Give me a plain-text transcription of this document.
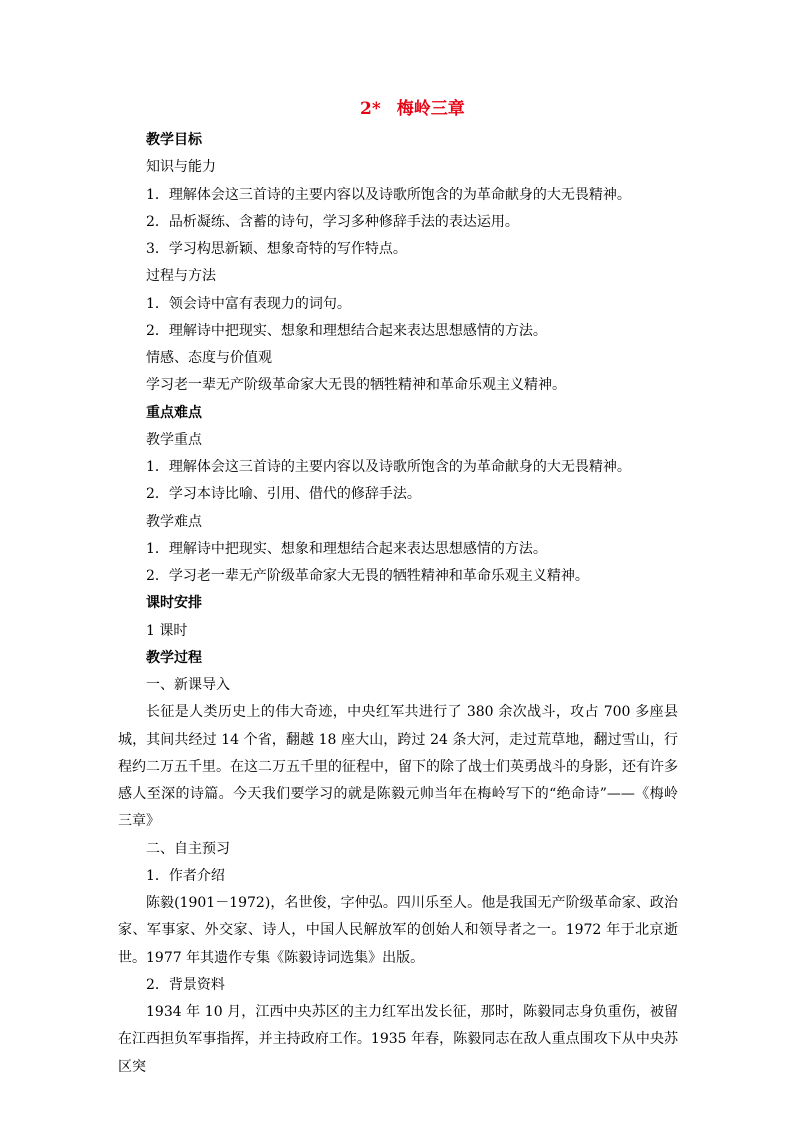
2* 梅岭三章
教学目标
知识与能力
1．理解体会这三首诗的主要内容以及诗歌所饱含的为革命献身的大无畏精神。
2．品析凝练、含蓄的诗句，学习多种修辞手法的表达运用。
3．学习构思新颖、想象奇特的写作特点。
过程与方法
1．领会诗中富有表现力的词句。
2．理解诗中把现实、想象和理想结合起来表达思想感情的方法。
情感、态度与价值观
学习老一辈无产阶级革命家大无畏的牺牲精神和革命乐观主义精神。
重点难点
教学重点
1．理解体会这三首诗的主要内容以及诗歌所饱含的为革命献身的大无畏精神。
2．学习本诗比喻、引用、借代的修辞手法。
教学难点
1．理解诗中把现实、想象和理想结合起来表达思想感情的方法。
2．学习老一辈无产阶级革命家大无畏的牺牲精神和革命乐观主义精神。
课时安排
1 课时
教学过程
一、新课导入

长征是人类历史上的伟大奇迹，中央红军共进行了 380 余次战斗，攻占 700 多座县城，其间共经过 14 个省，翻越 18 座大山，跨过 24 条大河，走过荒草地，翻过雪山，行程约二万五千里。在这二万五千里的征程中，留下的除了战士们英勇战斗的身影，还有许多感人至深的诗篇。今天我们要学习的就是陈毅元帅当年在梅岭写下的“绝命诗”——《梅岭三章》

二、自主预习
1．作者介绍

陈毅(1901－1972)，名世俊，字仲弘。四川乐至人。他是我国无产阶级革命家、政治家、军事家、外交家、诗人，中国人民解放军的创始人和领导者之一。1972 年于北京逝世。1977 年其遗作专集《陈毅诗词选集》出版。

2．背景资料

1934 年 10 月，江西中央苏区的主力红军出发长征，那时，陈毅同志身负重伤，被留在江西担负军事指挥，并主持政府工作。1935 年春，陈毅同志在敌人重点围攻下从中央苏区突
